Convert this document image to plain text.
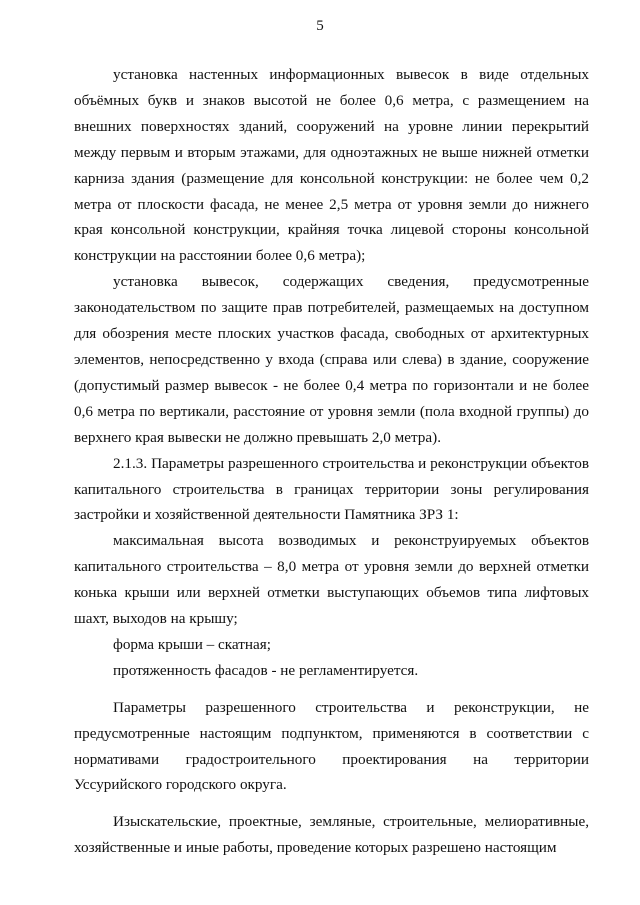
5

установка настенных информационных вывесок в виде отдельных объёмных букв и знаков высотой не более 0,6 метра, с размещением на внешних поверхностях зданий, сооружений на уровне линии перекрытий между первым и вторым этажами, для одноэтажных не выше нижней отметки карниза здания (размещение для консольной конструкции: не более чем 0,2 метра от плоскости фасада, не менее 2,5 метра от уровня земли до нижнего края консольной конструкции, крайняя точка лицевой стороны консольной конструкции на расстоянии более 0,6 метра);

установка вывесок, содержащих сведения, предусмотренные законодательством по защите прав потребителей, размещаемых на доступном для обозрения месте плоских участков фасада, свободных от архитектурных элементов, непосредственно у входа (справа или слева) в здание, сооружение (допустимый размер вывесок - не более 0,4 метра по горизонтали и не более 0,6 метра по вертикали, расстояние от уровня земли (пола входной группы) до верхнего края вывески не должно превышать 2,0 метра).

2.1.3. Параметры разрешенного строительства и реконструкции объектов капитального строительства в границах территории зоны регулирования застройки и хозяйственной деятельности Памятника ЗРЗ 1:

максимальная высота возводимых и реконструируемых объектов капитального строительства – 8,0 метра от уровня земли до верхней отметки конька крыши или верхней отметки выступающих объемов типа лифтовых шахт, выходов на крышу;

форма крыши – скатная;

протяженность фасадов - не регламентируется.

Параметры разрешенного строительства и реконструкции, не предусмотренные настоящим подпунктом, применяются в соответствии с нормативами градостроительного проектирования на территории Уссурийского городского округа.

Изыскательские, проектные, земляные, строительные, мелиоративные, хозяйственные и иные работы, проведение которых разрешено настоящим
